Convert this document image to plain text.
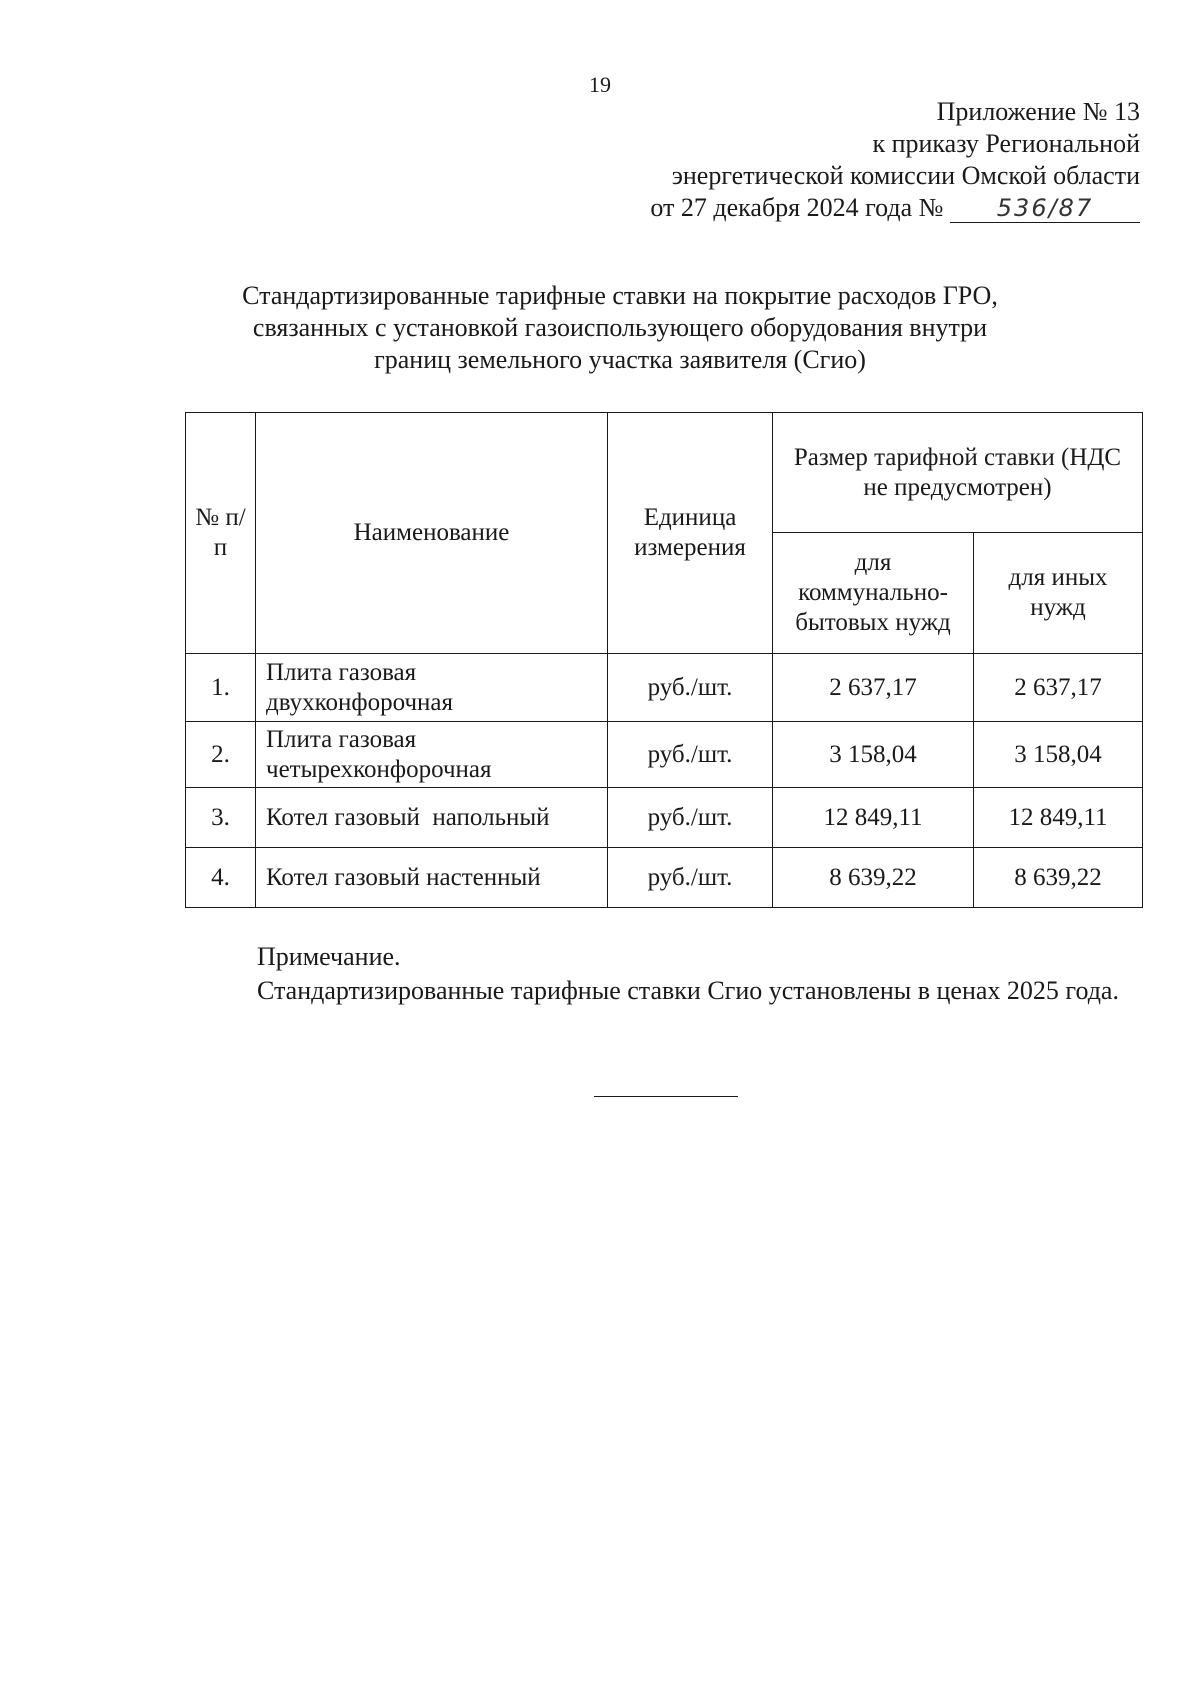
19
Приложение № 13
к приказу Региональной
энергетической комиссии Омской области
от 27 декабря 2024 года № 536/87
Стандартизированные тарифные ставки на покрытие расходов ГРО,
связанных с установкой газоиспользующего оборудования внутри
границ земельного участка заявителя (Сгио)
№ п/п	Наименование	Единица измерения	Размер тарифной ставки (НДС не предусмотрен)	
			для коммунально-бытовых нужд	для иных нужд
1.	Плита газовая двухконфорочная	руб./шт.	2 637,17	2 637,17
2.	Плита газовая четырехконфорочная	руб./шт.	3 158,04	3 158,04
3.	Котел газовый  напольный	руб./шт.	12 849,11	12 849,11
4.	Котел газовый настенный	руб./шт.	8 639,22	8 639,22
Примечание.
Стандартизированные тарифные ставки Сгио установлены в ценах 2025 года.
